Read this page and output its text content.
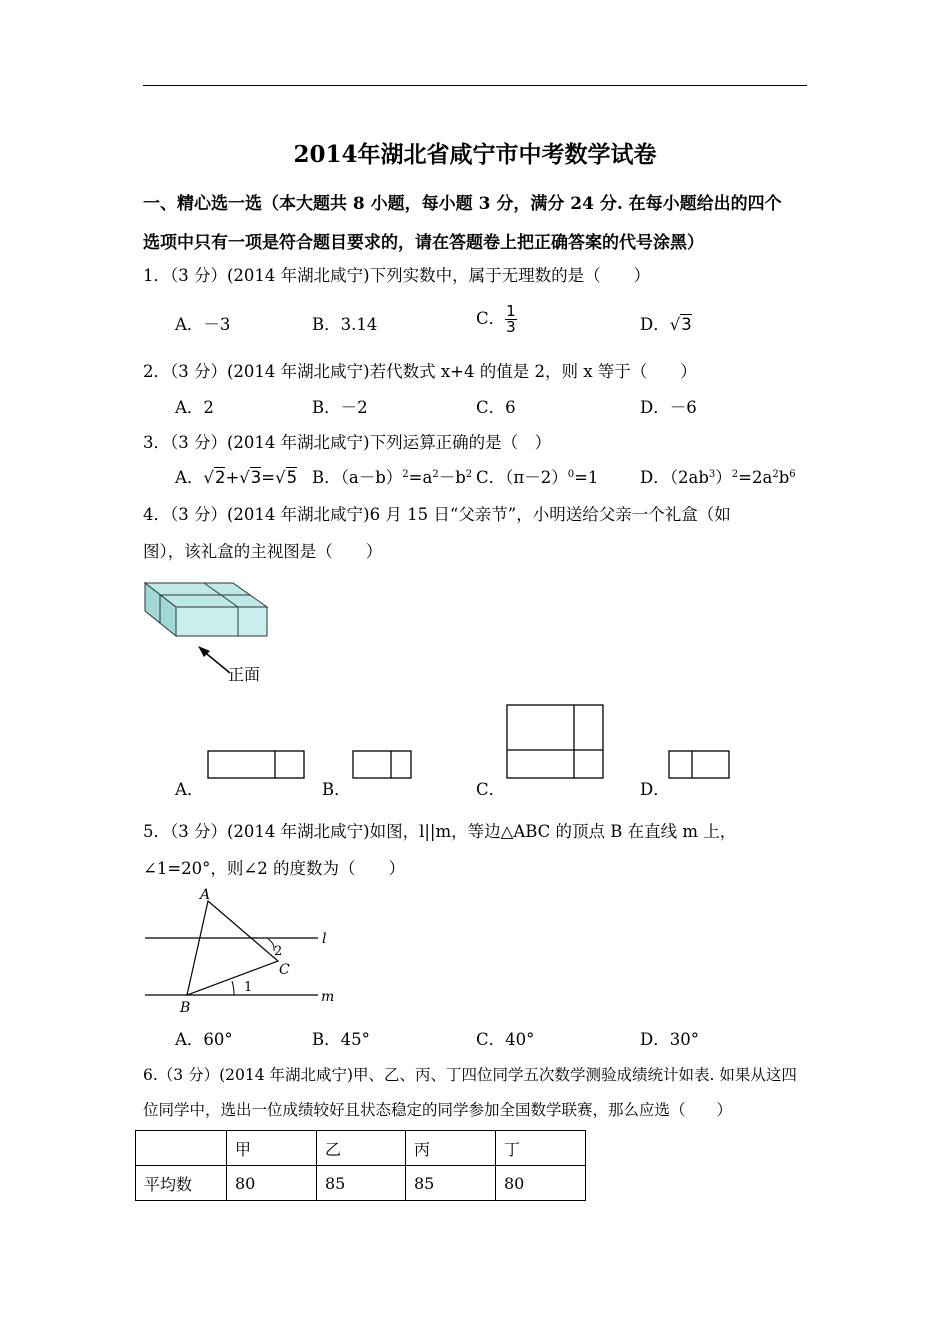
2014年湖北省咸宁市中考数学试卷
一、精心选一选（本大题共 8 小题，每小题 3 分，满分 24 分. 在每小题给出的四个
选项中只有一项是符合题目要求的，请在答题卷上把正确答案的代号涂黑）
1．（3 分）(2014 年湖北咸宁)下列实数中，属于无理数的是（　　）
A．－3	B．3.14	C． $\frac{1}{3}$	D．√3
2．（3 分）(2014 年湖北咸宁)若代数式 x+4 的值是 2，则 x 等于（　　）
A．2	B．－2	C．6	D．－6
3．（3 分）(2014 年湖北咸宁)下列运算正确的是（　）
A．√2+√3=√5 B．$(a-b)^2=a^2-b^2$ C．$(\pi-2)^0=1$	D．$(2ab^3)^2=2a^2b^6$
4．（3 分）(2014 年湖北咸宁)6 月 15 日“父亲节”，小明送给父亲一个礼盒（如
图），该礼盒的主视图是（　　）
正面
A．	B．	C．	D．
5．（3 分）(2014 年湖北咸宁)如图，l||m，等边△ABC 的顶点 B 在直线 m 上，
∠1=20°，则∠2 的度数为（　　）
A
B
C
l
m
1
2
A．60°	B．45°	C．40°	D．30°
6.（3 分）(2014 年湖北咸宁)甲、乙、丙、丁四位同学五次数学测验成绩统计如表. 如果从这四
位同学中，选出一位成绩较好且状态稳定的同学参加全国数学联赛，那么应选（　　）
	甲	乙	丙	丁
平均数	80	85	85	80
